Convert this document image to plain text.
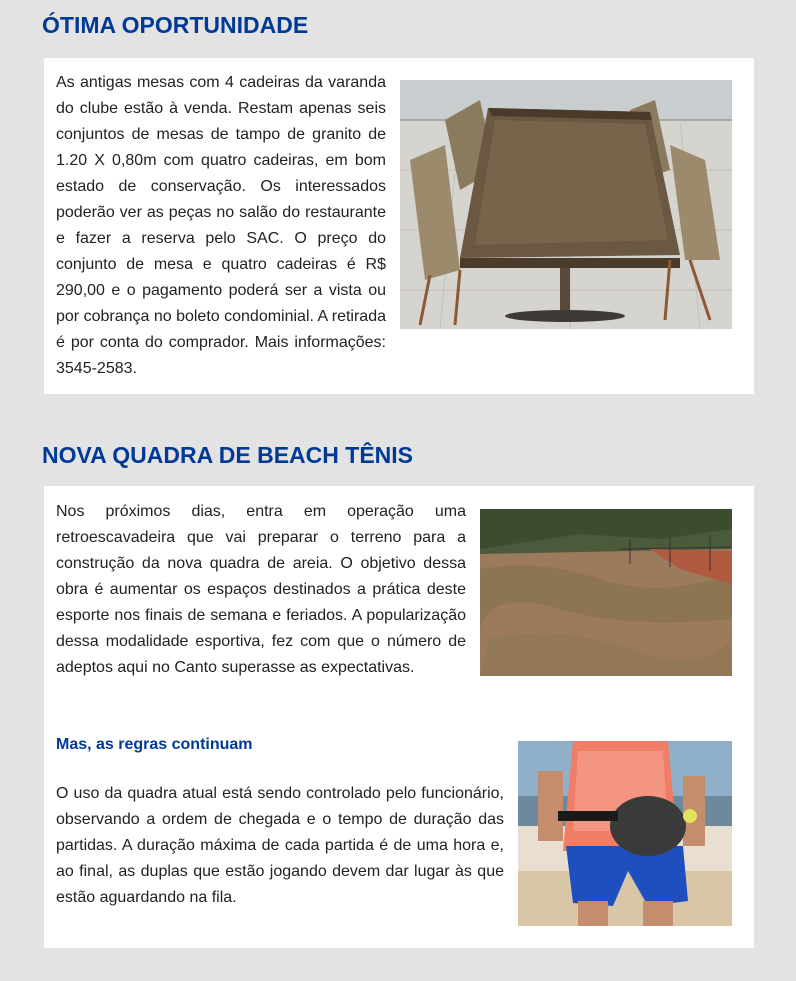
ÓTIMA OPORTUNIDADE

As antigas mesas com 4 cadeiras da varanda do clube estão à venda. Restam apenas seis conjuntos de mesas de tampo de granito de 1.20 X 0,80m com quatro cadeiras, em bom estado de conservação. Os interessados poderão ver as peças no salão do restaurante e fazer a reserva pelo SAC. O preço do conjunto de mesa e quatro cadeiras é R$ 290,00 e o pagamento poderá ser a vista ou por cobrança no boleto condominial. A retirada é por conta do comprador. Mais informações: 3545-2583.

NOVA QUADRA DE BEACH TÊNIS

Nos próximos dias, entra em operação uma retroescavadeira que vai preparar o terreno para a construção da nova quadra de areia. O objetivo dessa obra é aumentar os espaços destinados a prática deste esporte nos finais de semana e feriados. A popularização dessa modalidade esportiva, fez com que o número de adeptos aqui no Canto superasse as expectativas.

Mas, as regras continuam

O uso da quadra atual está sendo controlado pelo funcionário, observando a ordem de chegada e o tempo de duração das partidas. A duração máxima de cada partida é de uma hora e, ao final, as duplas que estão jogando devem dar lugar às que estão aguardando na fila.
